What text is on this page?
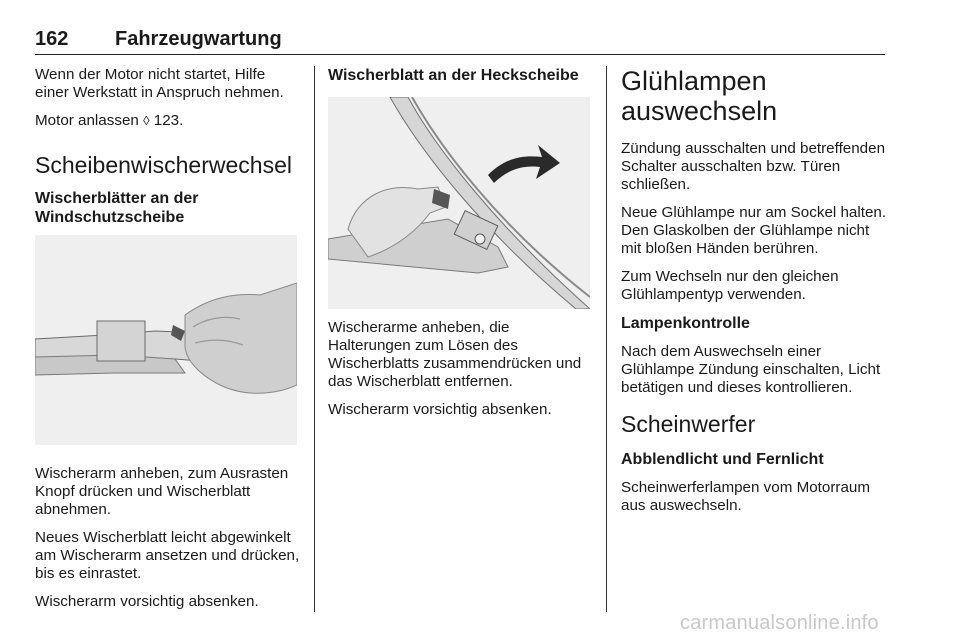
162 Fahrzeugwartung

Wenn der Motor nicht startet, Hilfe einer Werkstatt in Anspruch nehmen.

Motor anlassen ◊ 123.

Scheibenwischerwechsel
Wischerblätter an der Windschutzscheibe

Wischerarm anheben, zum Ausrasten Knopf drücken und Wischerblatt abnehmen.

Neues Wischerblatt leicht abgewinkelt am Wischerarm ansetzen und drücken, bis es einrastet.

Wischerarm vorsichtig absenken.

Wischerblatt an der Heckscheibe

Wischerarme anheben, die Halterungen zum Lösen des Wischerblatts zusammendrücken und das Wischerblatt entfernen.

Wischerarm vorsichtig absenken.

Glühlampen auswechseln

Zündung ausschalten und betreffenden Schalter ausschalten bzw. Türen schließen.

Neue Glühlampe nur am Sockel halten. Den Glaskolben der Glühlampe nicht mit bloßen Händen berühren.

Zum Wechseln nur den gleichen Glühlampentyp verwenden.

Lampenkontrolle

Nach dem Auswechseln einer Glühlampe Zündung einschalten, Licht betätigen und dieses kontrollieren.

Scheinwerfer
Abblendlicht und Fernlicht

Scheinwerferlampen vom Motorraum aus auswechseln.

carmanualsonline.info
